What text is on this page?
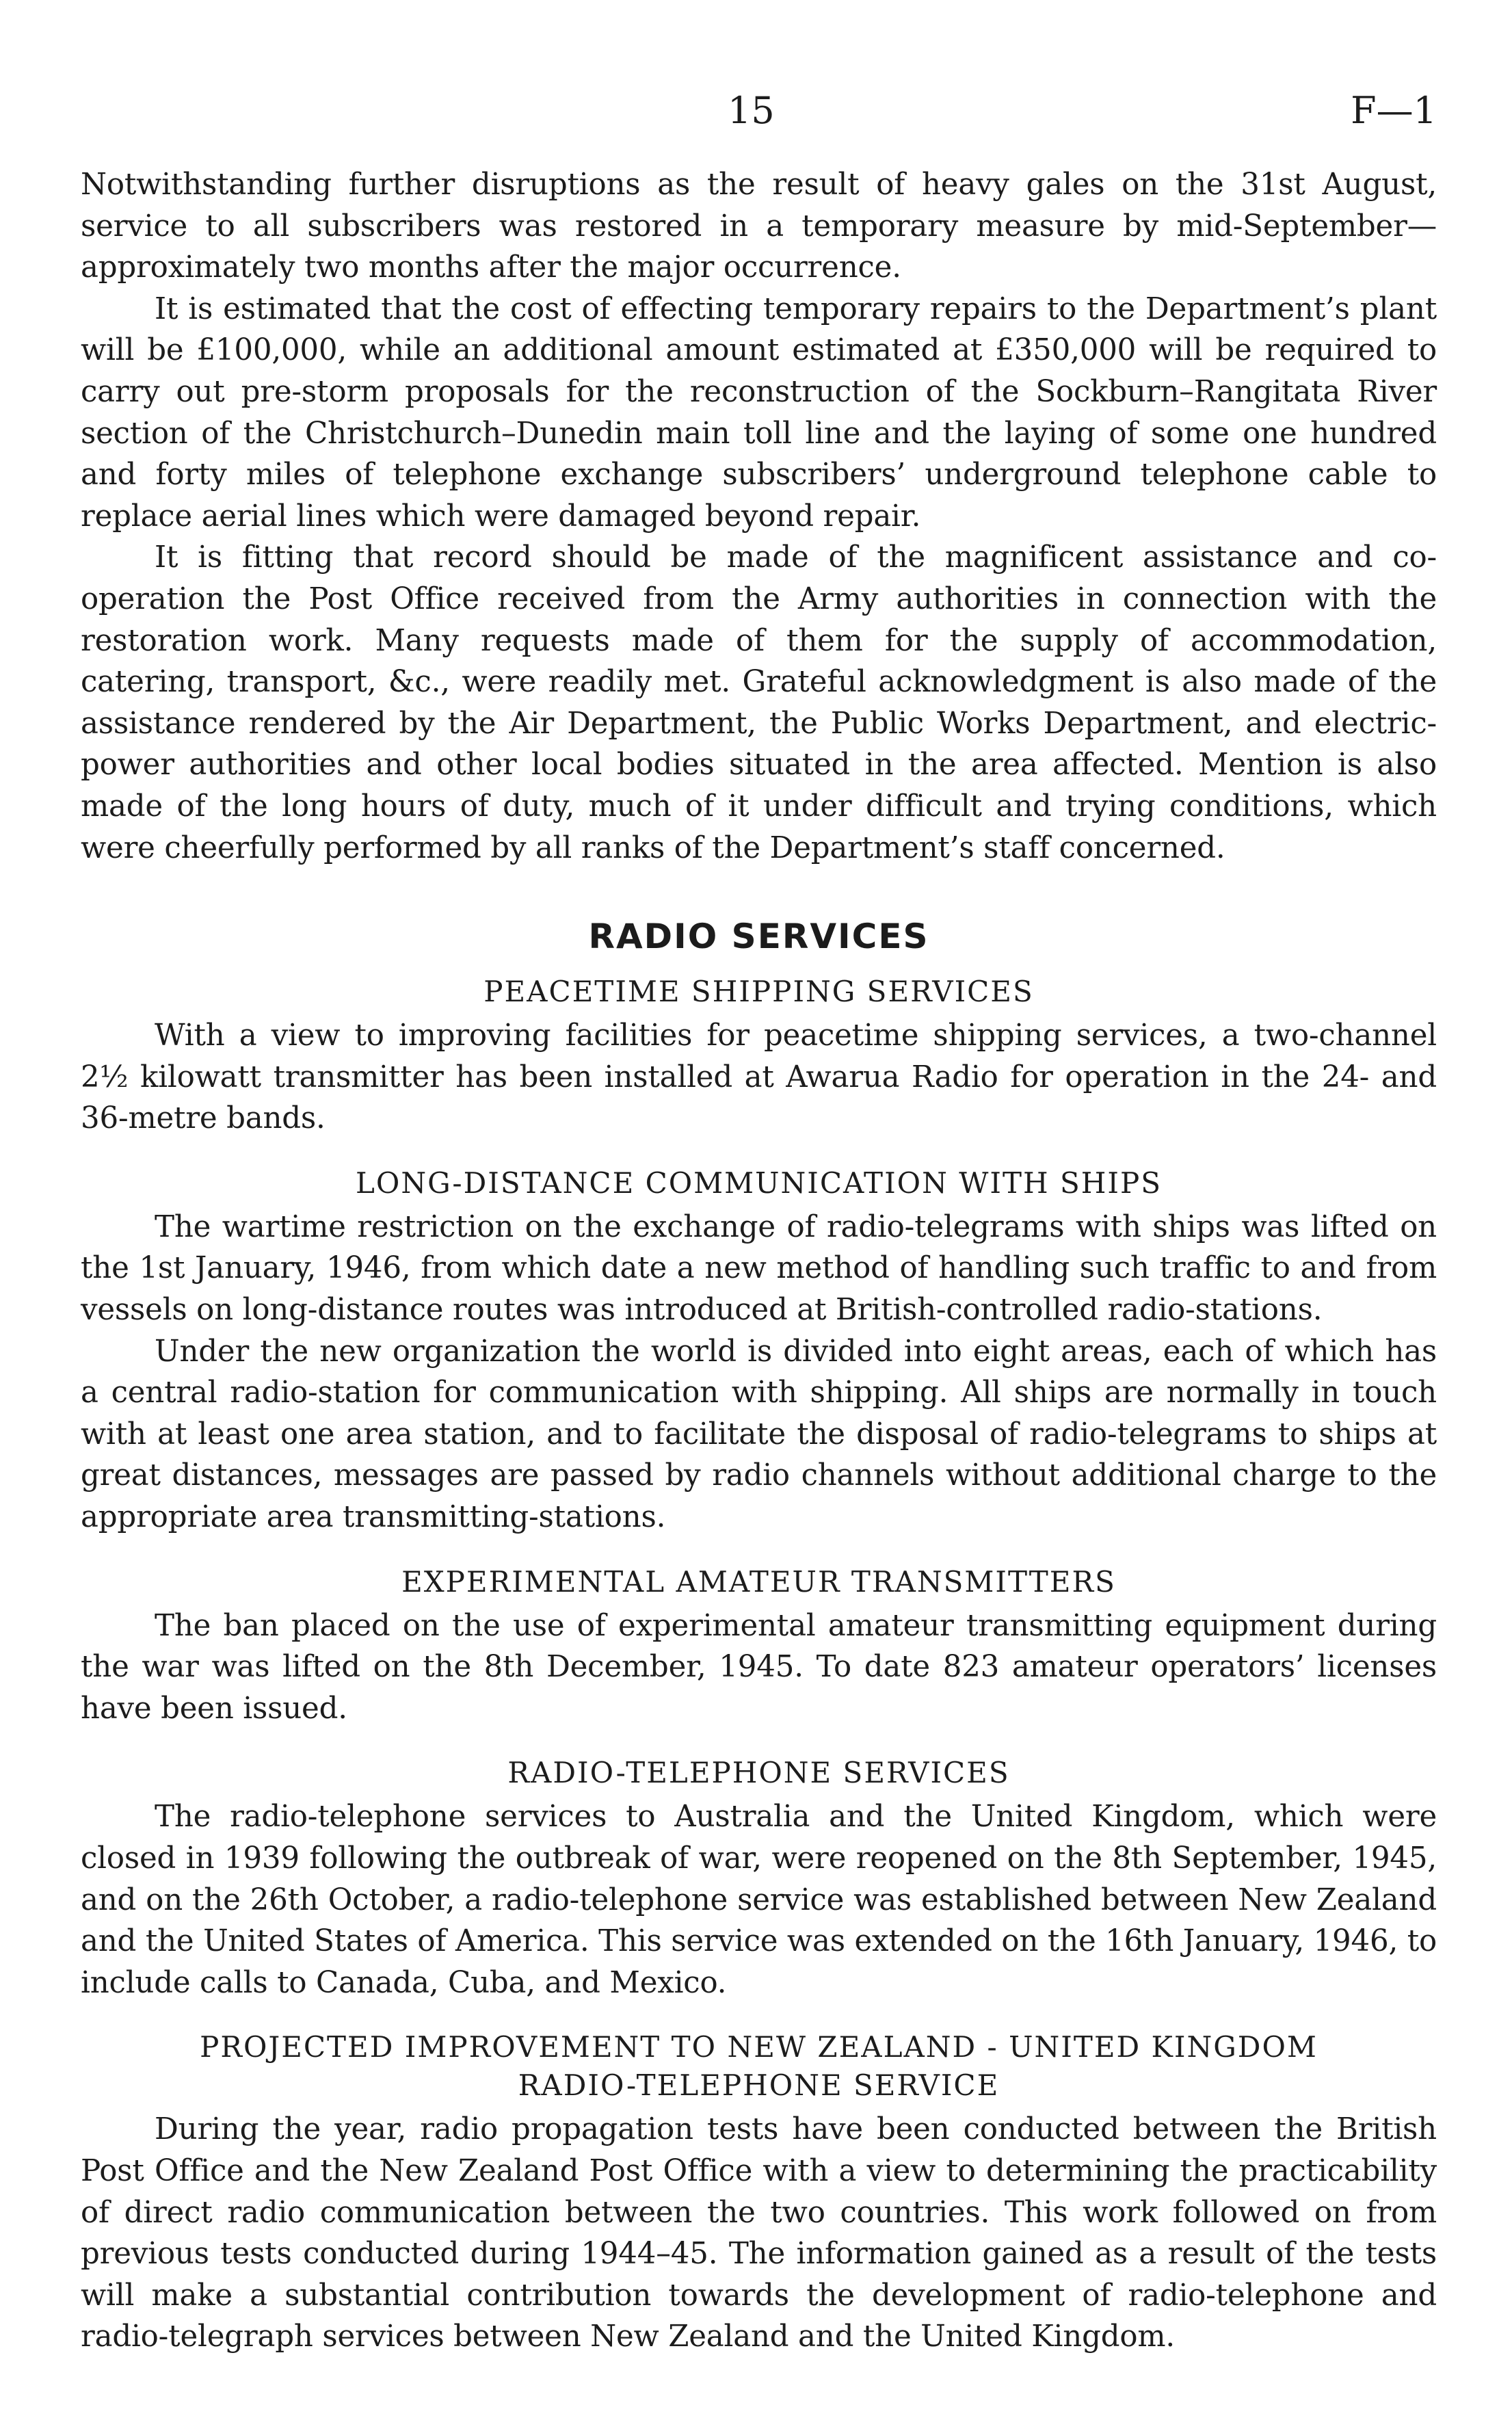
15	F—1

Notwithstanding further disruptions as the result of heavy gales on the 31st August, service to all subscribers was restored in a temporary measure by mid-September—approximately two months after the major occurrence.

It is estimated that the cost of effecting temporary repairs to the Department’s plant will be £100,000, while an additional amount estimated at £350,000 will be required to carry out pre-storm proposals for the reconstruction of the Sockburn–Rangitata River section of the Christchurch–Dunedin main toll line and the laying of some one hundred and forty miles of telephone exchange subscribers’ underground telephone cable to replace aerial lines which were damaged beyond repair.

It is fitting that record should be made of the magnificent assistance and co-operation the Post Office received from the Army authorities in connection with the restoration work. Many requests made of them for the supply of accommodation, catering, transport, &c., were readily met. Grateful acknowledgment is also made of the assistance rendered by the Air Department, the Public Works Department, and electric-power authorities and other local bodies situated in the area affected. Mention is also made of the long hours of duty, much of it under difficult and trying conditions, which were cheerfully performed by all ranks of the Department’s staff concerned.

RADIO SERVICES
PEACETIME SHIPPING SERVICES

With a view to improving facilities for peacetime shipping services, a two-channel 2½ kilowatt transmitter has been installed at Awarua Radio for operation in the 24- and 36-metre bands.

LONG-DISTANCE COMMUNICATION WITH SHIPS

The wartime restriction on the exchange of radio-telegrams with ships was lifted on the 1st January, 1946, from which date a new method of handling such traffic to and from vessels on long-distance routes was introduced at British-controlled radio-stations.

Under the new organization the world is divided into eight areas, each of which has a central radio-station for communication with shipping. All ships are normally in touch with at least one area station, and to facilitate the disposal of radio-telegrams to ships at great distances, messages are passed by radio channels without additional charge to the appropriate area transmitting-stations.

EXPERIMENTAL AMATEUR TRANSMITTERS

The ban placed on the use of experimental amateur transmitting equipment during the war was lifted on the 8th December, 1945. To date 823 amateur operators’ licenses have been issued.

RADIO-TELEPHONE SERVICES

The radio-telephone services to Australia and the United Kingdom, which were closed in 1939 following the outbreak of war, were reopened on the 8th September, 1945, and on the 26th October, a radio-telephone service was established between New Zealand and the United States of America. This service was extended on the 16th January, 1946, to include calls to Canada, Cuba, and Mexico.

PROJECTED IMPROVEMENT TO NEW ZEALAND - UNITED KINGDOM
RADIO-TELEPHONE SERVICE

During the year, radio propagation tests have been conducted between the British Post Office and the New Zealand Post Office with a view to determining the practicability of direct radio communication between the two countries. This work followed on from previous tests conducted during 1944–45. The information gained as a result of the tests will make a substantial contribution towards the development of radio-telephone and radio-telegraph services between New Zealand and the United Kingdom.
